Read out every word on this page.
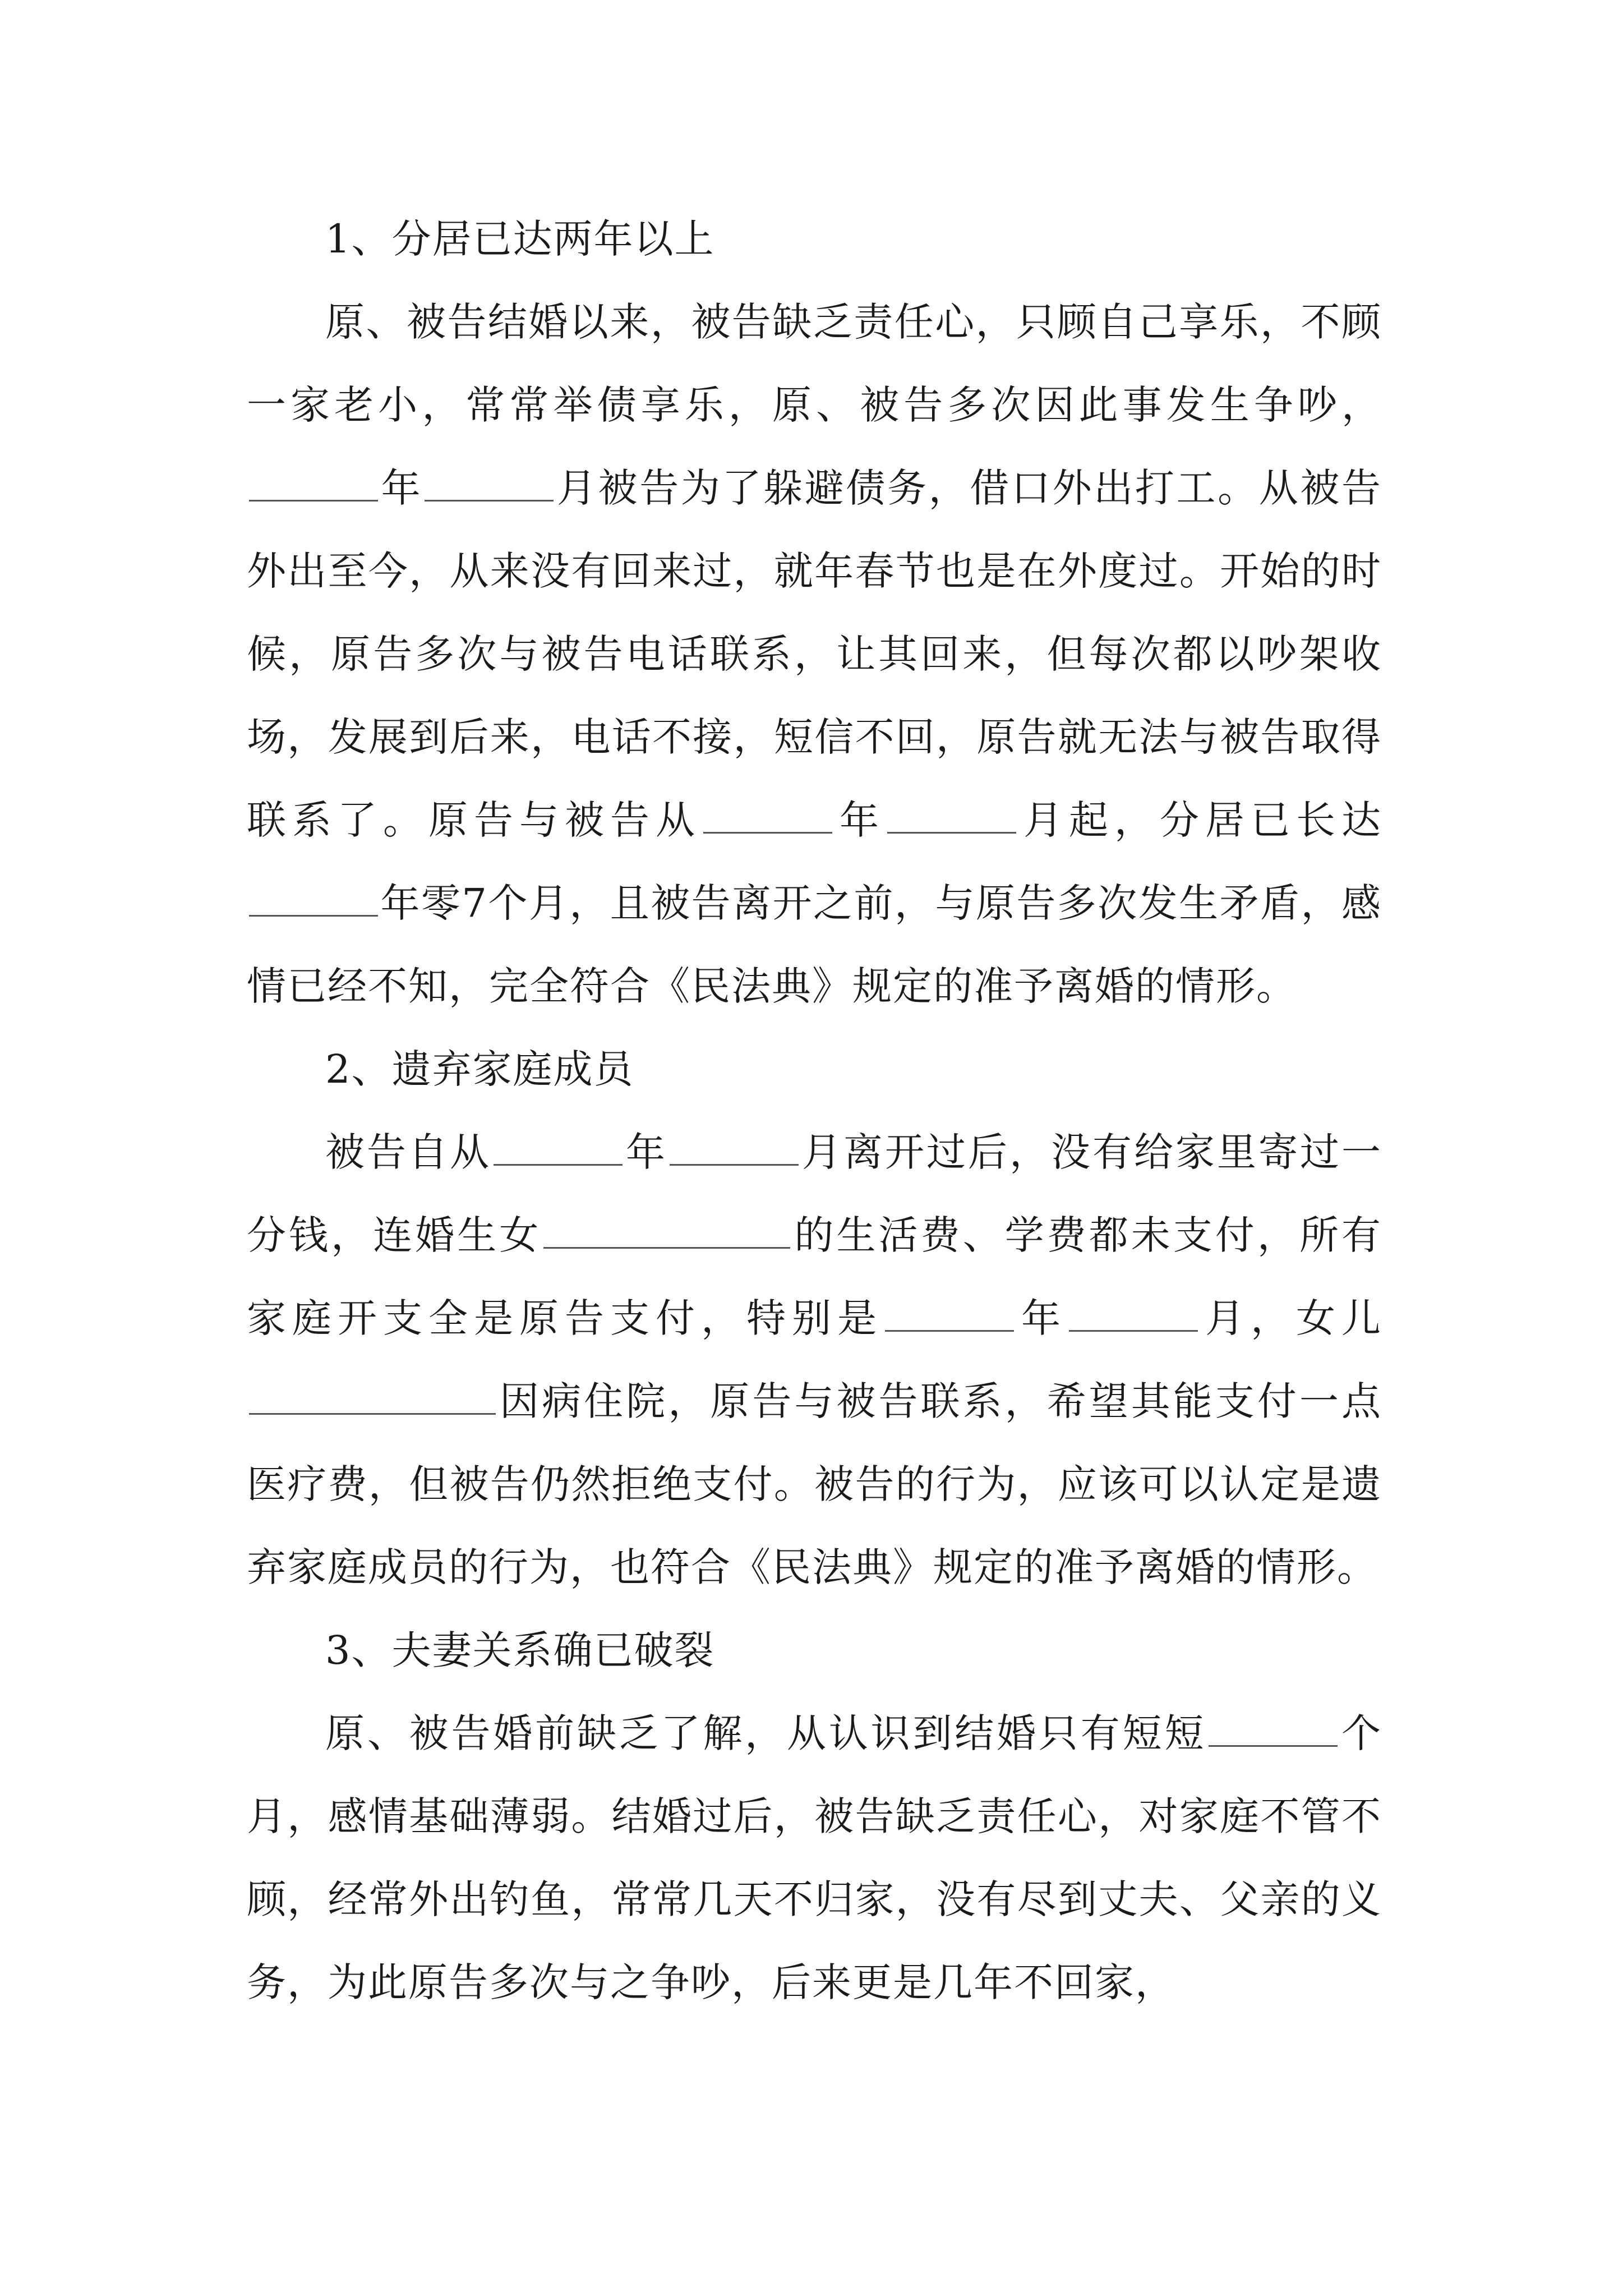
1、分居已达两年以上

原、被告结婚以来，被告缺乏责任心，只顾自己享乐，不顾一家老小，常常举债享乐，原、被告多次因此事发生争吵，年	月被告为了躲避债务，借口外出打工。从被告外出至今，从来没有回来过，就年春节也是在外度过。开始的时候，原告多次与被告电话联系，让其回来，但每次都以吵架收场，发展到后来，电话不接，短信不回，原告就无法与被告取得联系了。原告与被告从	年	月起，分居已长达年零7个月，且被告离开之前，与原告多次发生矛盾，感情已经不知，完全符合《民法典》规定的准予离婚的情形。

2、遗弃家庭成员

被告自从	年	月离开过后，没有给家里寄过一分钱，连婚生女	的生活费、学费都未支付，所有家庭开支全是原告支付，特别是	年	月，女儿因病住院，原告与被告联系，希望其能支付一点医疗费，但被告仍然拒绝支付。被告的行为，应该可以认定是遗弃家庭成员的行为，也符合《民法典》规定的准予离婚的情形。

3、夫妻关系确已破裂

原、被告婚前缺乏了解，从认识到结婚只有短短	个月，感情基础薄弱。结婚过后，被告缺乏责任心，对家庭不管不顾，经常外出钓鱼，常常几天不归家，没有尽到丈夫、父亲的义务，为此原告多次与之争吵，后来更是几年不回家，
